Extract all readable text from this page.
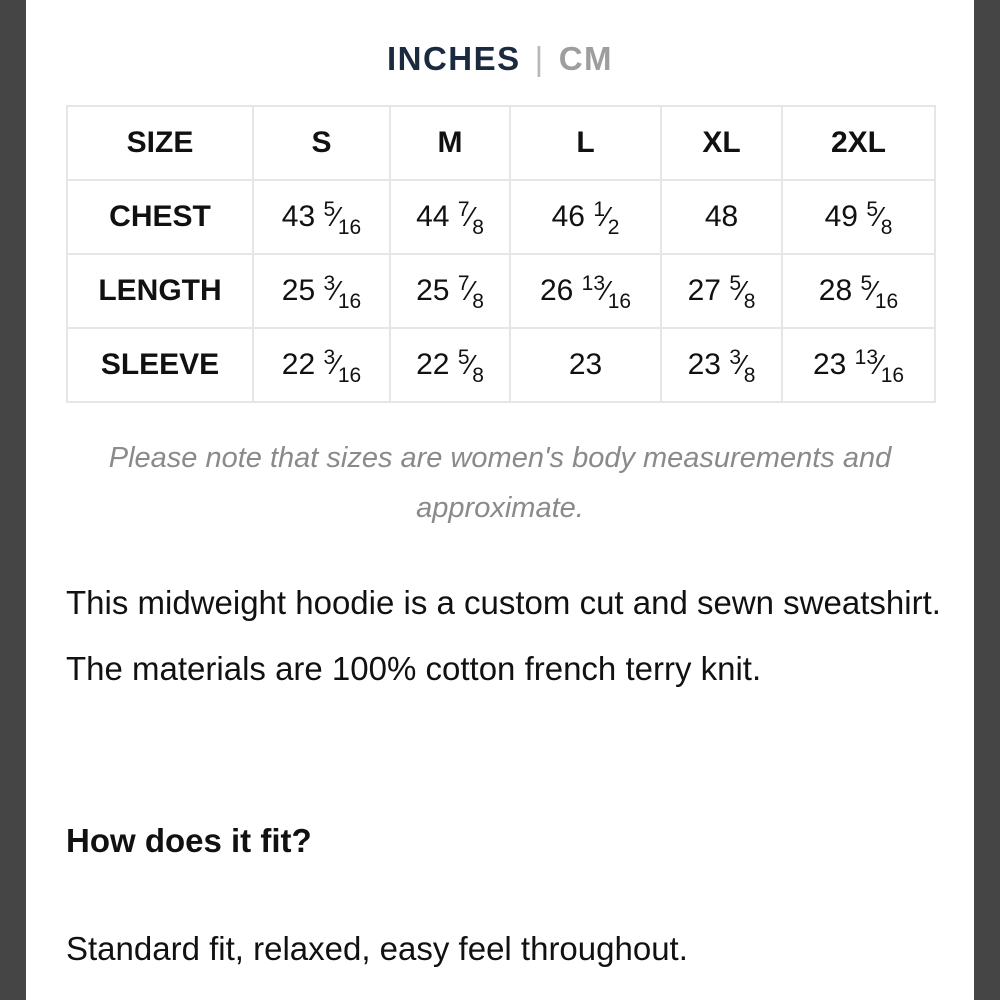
INCHES | CM
SIZE	S	M	L	XL	2XL
CHEST	43 $^5⁄_{16}$	44 $^7⁄_8$	46 $^1⁄_2$	48	49 $^5⁄_8$
LENGTH	25 $^3⁄_{16}$	25 $^7⁄_8$	26 $^{13}⁄_{16}$	27 $^5⁄_8$	28 $^5⁄_{16}$
SLEEVE	22 $^3⁄_{16}$	22 $^5⁄_8$	23	23 $^3⁄_8$	23 $^{13}⁄_{16}$
Please note that sizes are women's body measurements and approximate.
This midweight hoodie is a custom cut and sewn sweatshirt. The materials are 100% cotton french terry knit.
How does it fit?
Standard fit, relaxed, easy feel throughout.
